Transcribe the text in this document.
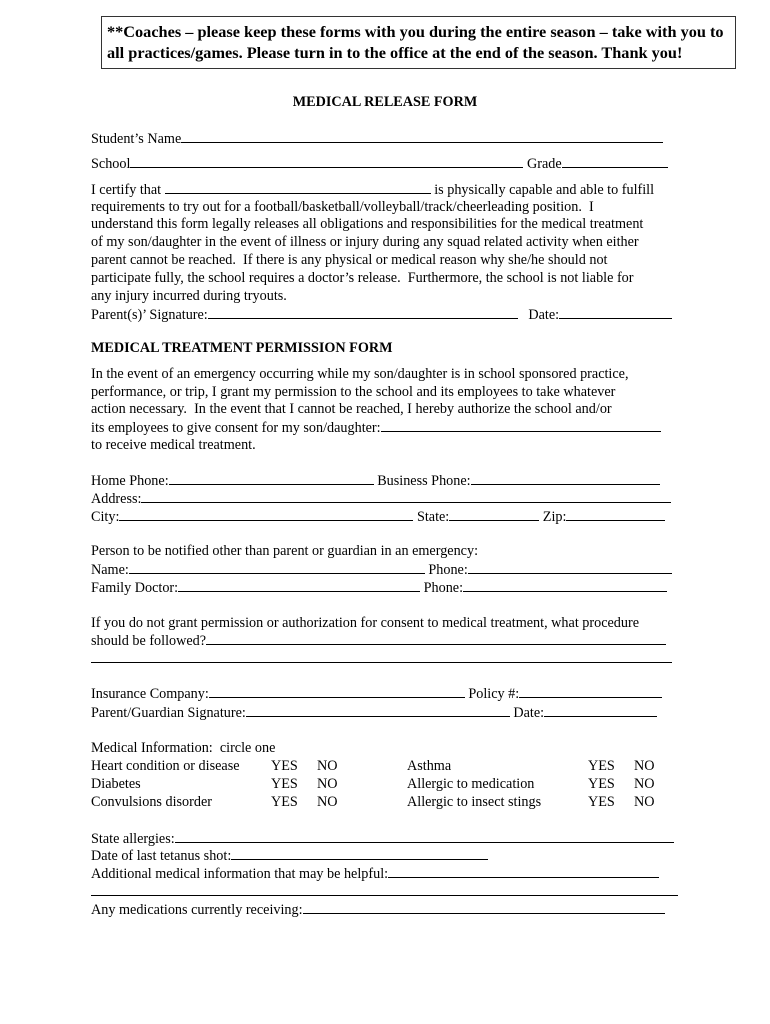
**Coaches – please keep these forms with you during the entire season – take with you to all practices/games. Please turn in to the office at the end of the season. Thank you!
MEDICAL RELEASE FORM
Student’s Name
School	Grade
I certify that	is physically capable and able to fulfill
requirements to try out for a football/basketball/volleyball/track/cheerleading position.  I
understand this form legally releases all obligations and responsibilities for the medical treatment
of my son/daughter in the event of illness or injury during any squad related activity when either
parent cannot be reached.  If there is any physical or medical reason why she/he should not
participate fully, the school requires a doctor’s release.  Furthermore, the school is not liable for
any injury incurred during tryouts.
Parent(s)’ Signature:	Date:
MEDICAL TREATMENT PERMISSION FORM
In the event of an emergency occurring while my son/daughter is in school sponsored practice,
performance, or trip, I grant my permission to the school and its employees to take whatever
action necessary.  In the event that I cannot be reached, I hereby authorize the school and/or
its employees to give consent for my son/daughter:
to receive medical treatment.
Home Phone:	Business Phone:
Address:
City:	State:	Zip:
Person to be notified other than parent or guardian in an emergency:
Name:	Phone:
Family Doctor:	Phone:
If you do not grant permission or authorization for consent to medical treatment, what procedure
should be followed?
Insurance Company:	Policy #:
Parent/Guardian Signature:	Date:
Medical Information:  circle one
Heart condition or disease YES NO	Asthma	YES NO
Diabetes	YES NO	Allergic to medication	YES NO
Convulsions disorder	YES NO	Allergic to insect stings	YES NO
State allergies:
Date of last tetanus shot:
Additional medical information that may be helpful:
Any medications currently receiving:
